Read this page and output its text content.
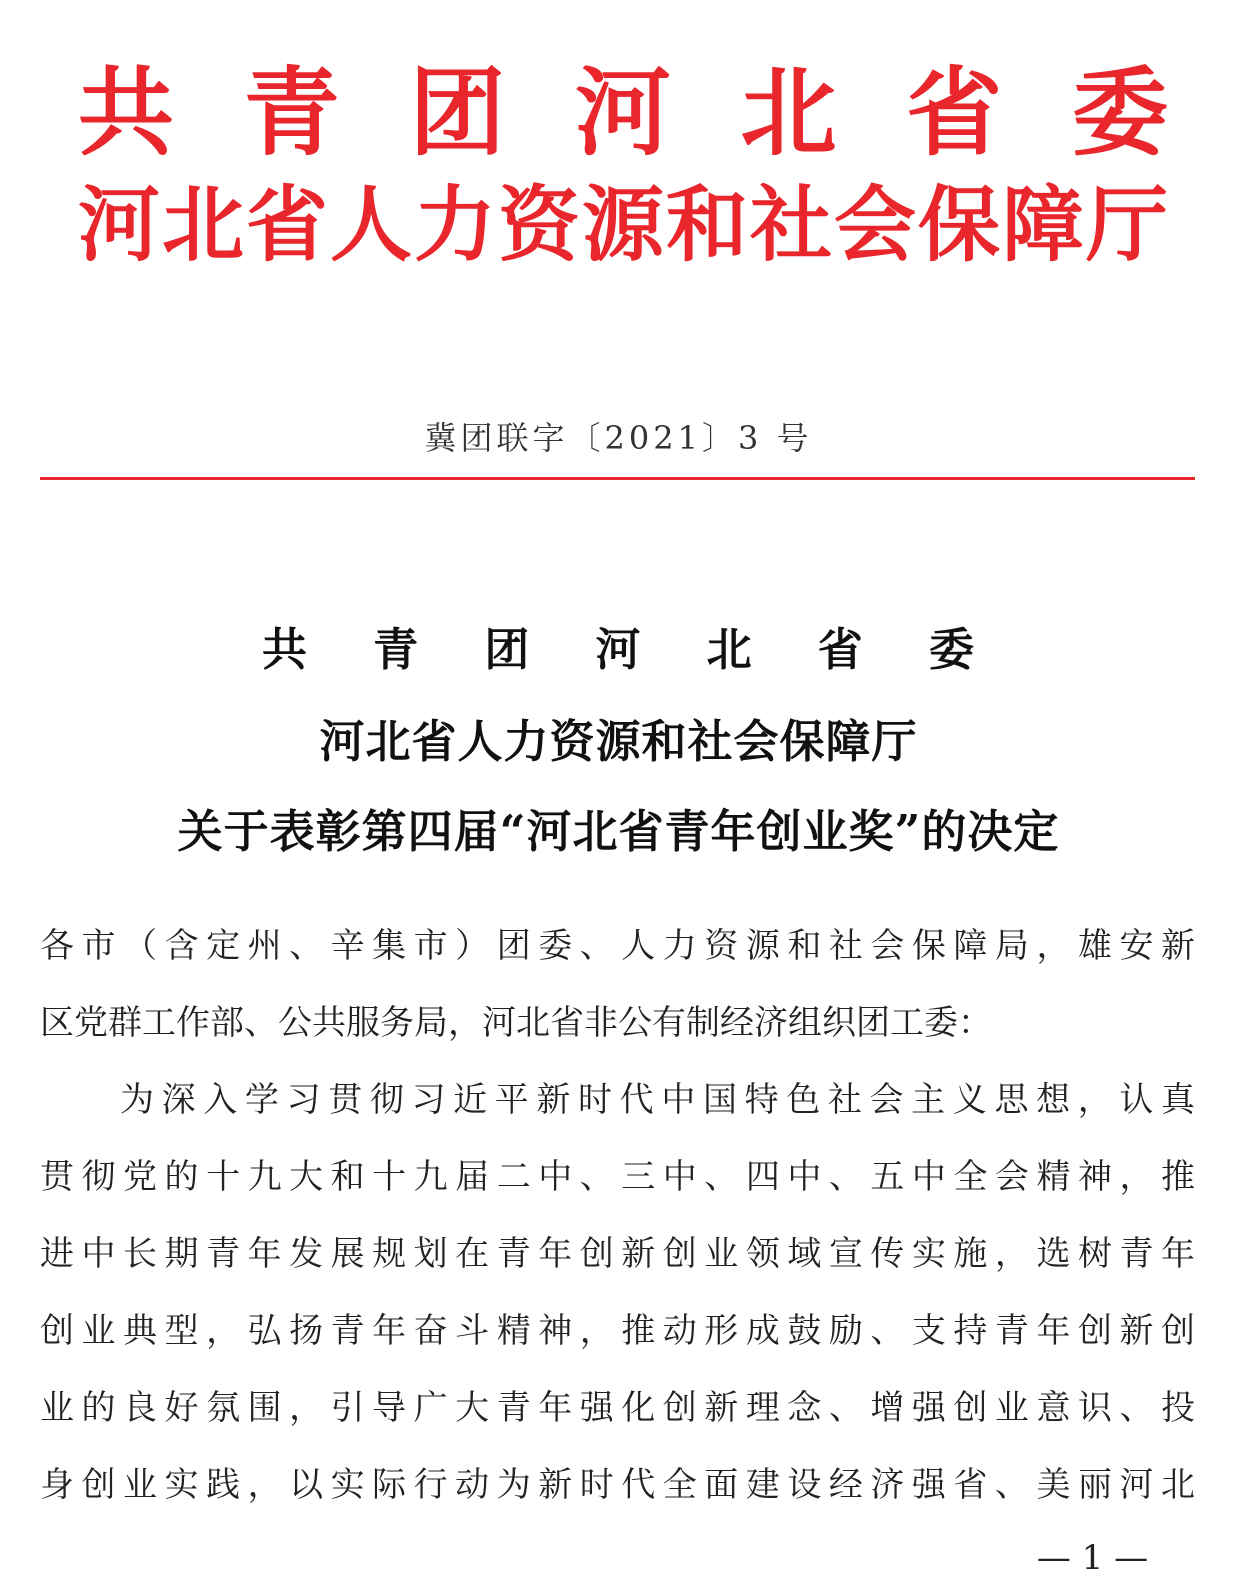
共 青 团 河 北 省 委
河北省人力资源和社会保障厅
冀团联字〔2021〕3 号
共 青 团 河 北 省 委
河北省人力资源和社会保障厅
关于表彰第四届“河北省青年创业奖”的决定
各市（含定州、辛集市）团委、人力资源和社会保障局，雄安新
区党群工作部、公共服务局，河北省非公有制经济组织团工委：
为深入学习贯彻习近平新时代中国特色社会主义思想，认真
贯彻党的十九大和十九届二中、三中、四中、五中全会精神，推
进中长期青年发展规划在青年创新创业领域宣传实施，选树青年
创业典型，弘扬青年奋斗精神，推动形成鼓励、支持青年创新创
业的良好氛围，引导广大青年强化创新理念、增强创业意识、投
身创业实践，以实际行动为新时代全面建设经济强省、美丽河北
— 1 —
